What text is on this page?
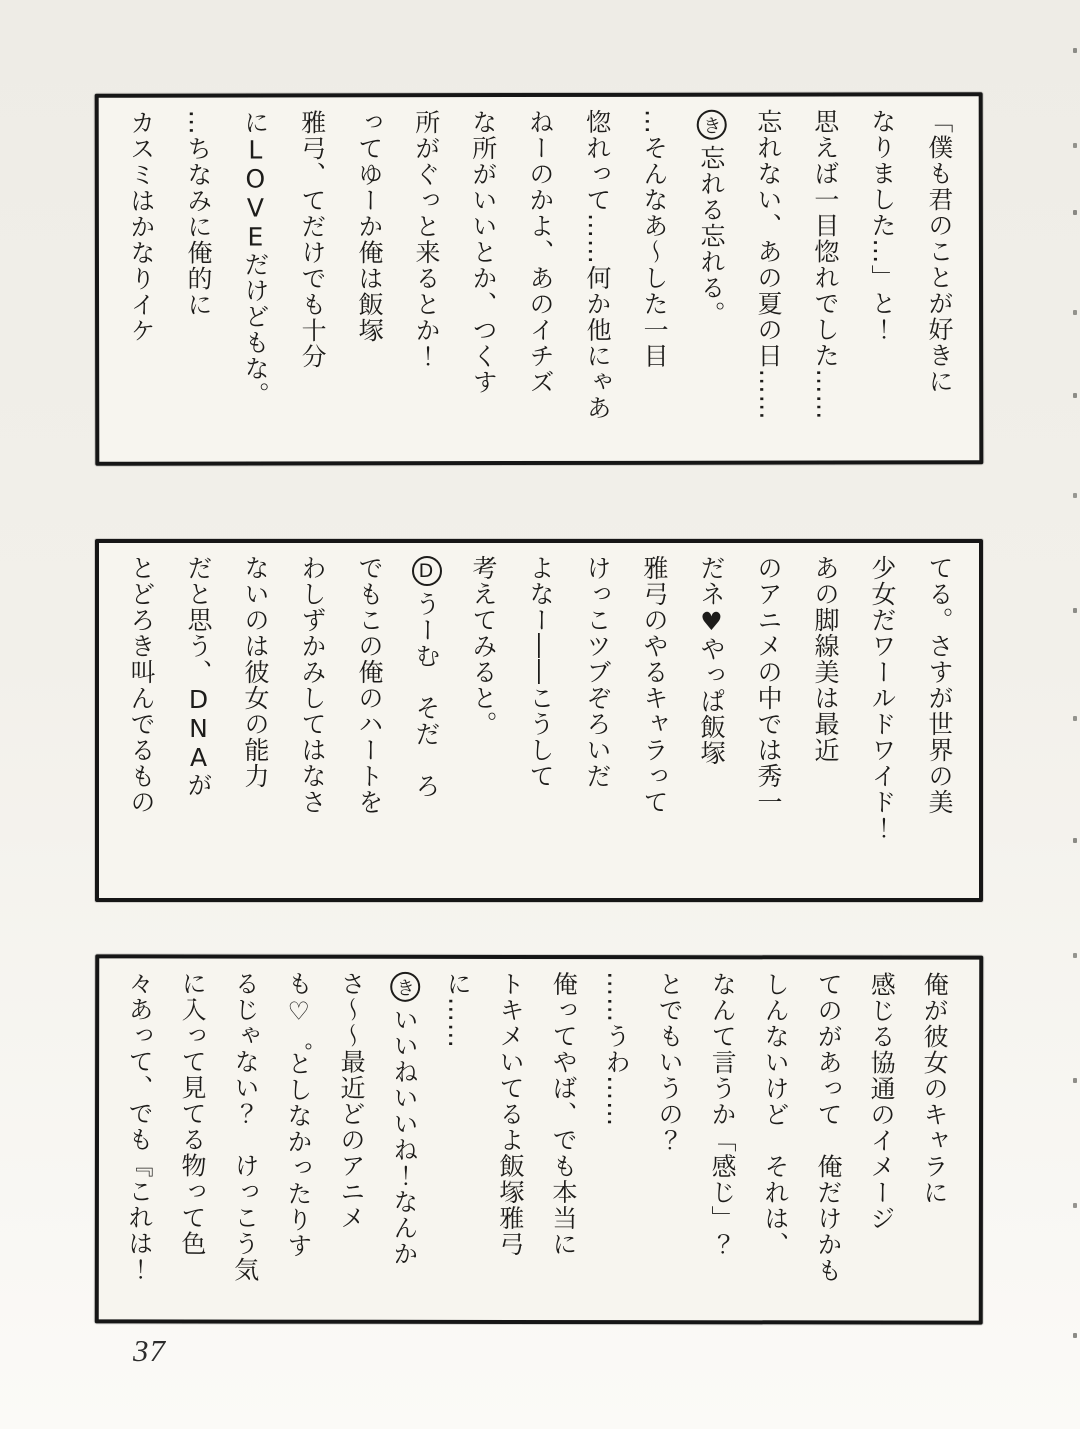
「僕も君のことが好きに
なりました…」と！
思えば一目惚れでした……
忘れない、あの夏の日……
き忘れる忘れる。
…そんなあ～した一目
惚れって……何か他にゃあ
ねーのかよ、あのイチズ
な所がいいとか、つくす
所がぐっと来るとか！
ってゆーか俺は飯塚
雅弓、てだけでも十分
にLOVEだけどもな。
…ちなみに俺的に
カスミはかなりイケ
てる。さすが世界の美
少女だワールドワイド！
あの脚線美は最近
のアニメの中では秀一
だネ♥やっぱ飯塚
雅弓のやるキャラって
けっこツブぞろいだ
よなー――こうして
考えてみると。
Dうーむ　そだ　ろ
でもこの俺のハートを
わしずかみしてはなさ
ないのは彼女の能力
だと思う、DNAが
とどろき叫んでるもの
俺が彼女のキャラに
感じる協通のイメージ
てのがあって　俺だけかも
しんないけど　それは、
なんて言うか「感じ」？
とでもいうの？
……うわ……
俺ってやば、でも本当に
トキメいてるよ飯塚雅弓
に……
きいいねいいね！なんか
さ～～最近どのアニメ
も♡゜としなかったりす
るじゃない？　けっこう気
に入って見てる物って色
々あって、でも『これは！
37
